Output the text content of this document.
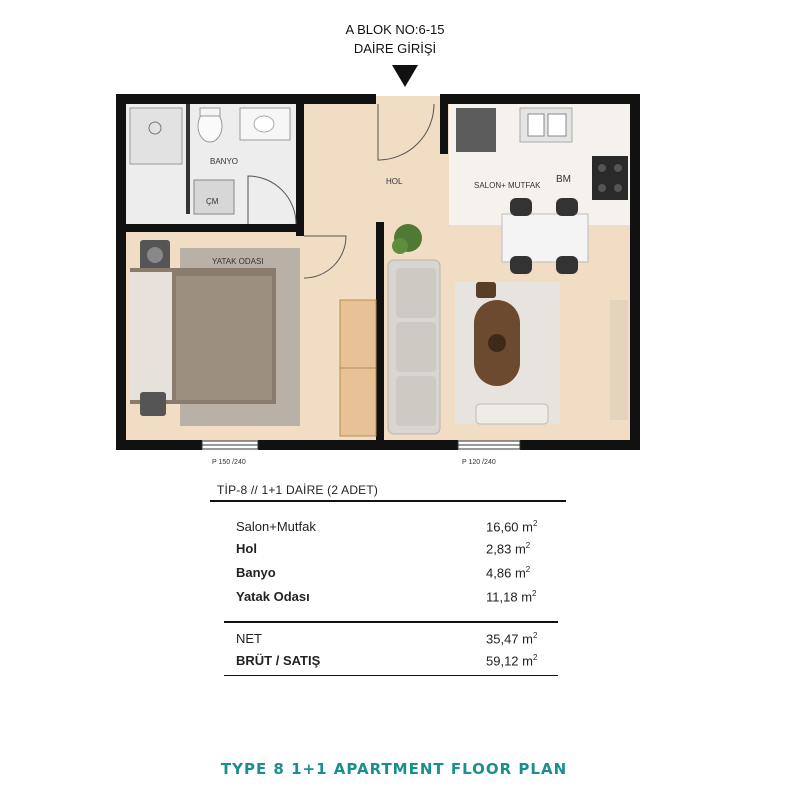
A BLOK NO:6-15
DAİRE GİRİŞİ
BANYO
ÇM
HOL	SALON+ MUTFAK
BM
YATAK ODASI
P 150 /240	P 120 /240
TİP-8 // 1+1 DAİRE (2 ADET)
Salon+Mutfak	16,60 $m^2$
Hol	2,83 $m^2$
Banyo	4,86 $m^2$
Yatak Odası	11,18 $m^2$
NET	35,47 $m^2$
BRÜT / SATIŞ	59,12 $m^2$
TYPE 8 1+1 APARTMENT FLOOR PLAN
